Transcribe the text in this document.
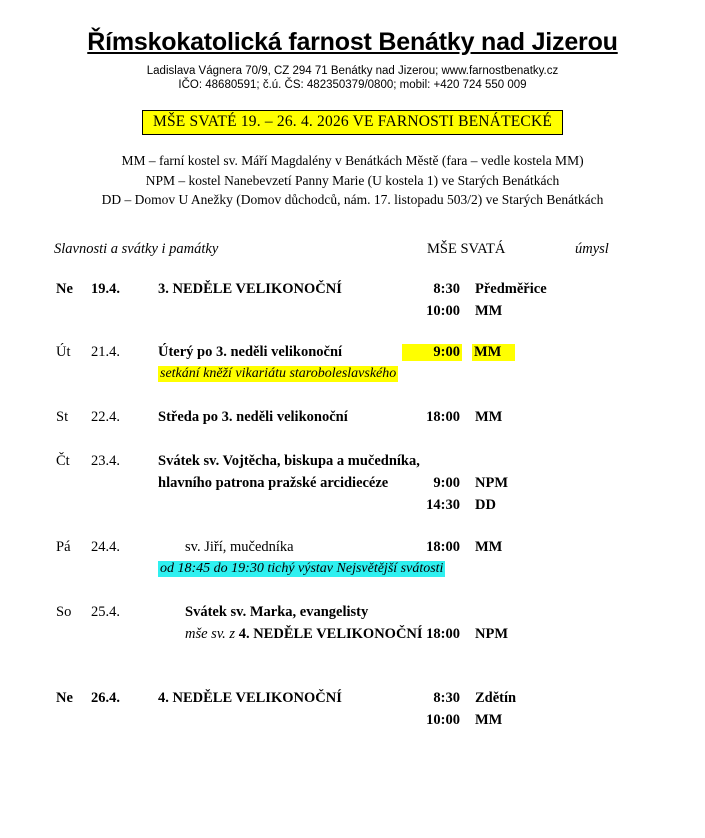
Římskokatolická farnost Benátky nad Jizerou
Ladislava Vágnera 70/9, CZ 294 71 Benátky nad Jizerou; www.farnostbenatky.cz
IČO: 48680591; č.ú. ČS: 482350379/0800; mobil: +420 724 550 009
MŠE SVATÉ 19. – 26. 4. 2026 VE FARNOSTI BENÁTECKÉ
MM – farní kostel sv. Máří Magdalény v Benátkách Městě (fara – vedle kostela MM)
NPM – kostel Nanebevzetí Panny Marie (U kostela 1) ve Starých Benátkách
DD – Domov U Anežky (Domov důchodců, nám. 17. listopadu 503/2) ve Starých Benátkách
Slavnosti a svátky i památky	MŠE SVATÁ	úmysl
Ne 19.4.	3. NEDĚLE VELIKONOČNÍ	8:30 Předměřice
10:00 MM
Út 21.4.	Úterý po 3. neděli velikonoční	9:00 MM
setkání kněží vikariátu staroboleslavského
St 22.4.	Středa po 3. neděli velikonoční	18:00 MM
Čt 23.4.	Svátek sv. Vojtěcha, biskupa a mučedníka,
hlavního patrona pražské arcidiecéze	9:00 NPM
14:30 DD
Pá 24.4.	sv. Jiří, mučedníka	18:00 MM
od 18:45 do 19:30 tichý výstav Nejsvětější svátosti
So 25.4.	Svátek sv. Marka, evangelisty
mše sv. z 4. NEDĚLE VELIKONOČNÍ 18:00 NPM
Ne 26.4.	4. NEDĚLE VELIKONOČNÍ	8:30 Zdětín
10:00 MM
